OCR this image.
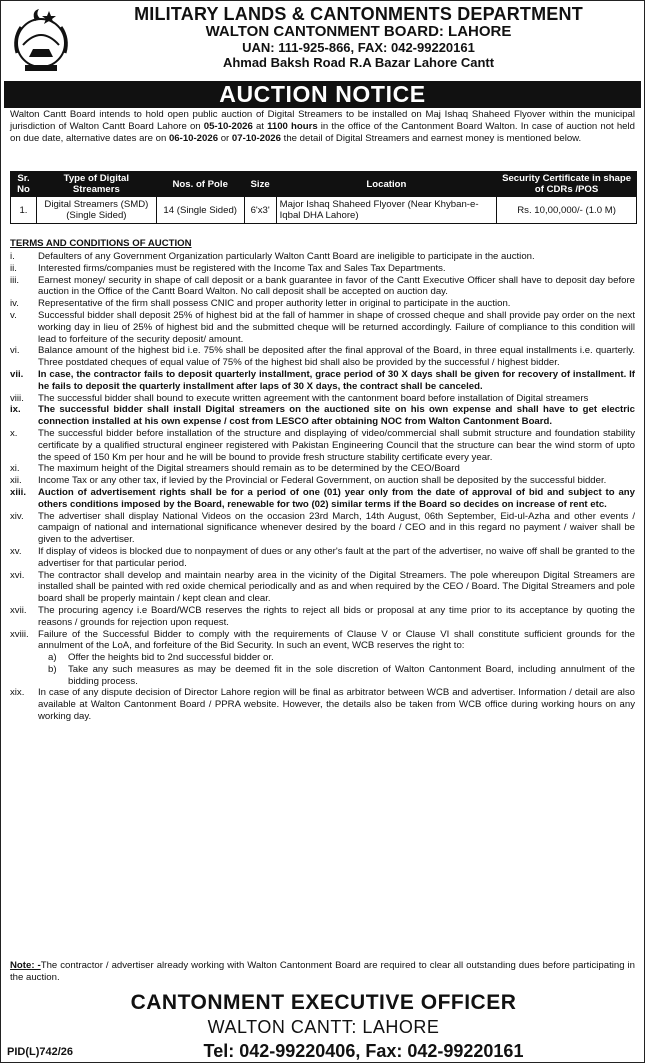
MILITARY LANDS & CANTONMENTS DEPARTMENT
WALTON CANTONMENT BOARD: LAHORE
UAN: 111-925-866, FAX: 042-99220161
Ahmad Baksh Road R.A Bazar Lahore Cantt
AUCTION NOTICE
Walton Cantt Board intends to hold open public auction of Digital Streamers to be installed on Maj Ishaq Shaheed Flyover within the municipal jurisdiction of Walton Cantt Board Lahore on 05-10-2026 at 1100 hours in the office of the Cantonment Board Walton. In case of auction not held on due date, alternative dates are on 06-10-2026 or 07-10-2026 the detail of Digital Streamers and earnest money is mentioned below.
Sr. No	Type of Digital Streamers	Nos. of Pole	Size	Location	Security Certificate in shape of CDRs /POS
1.	Digital Streamers (SMD) (Single Sided)	14 (Single Sided)	6'x3'	Major Ishaq Shaheed Flyover (Near Khyban-e-Iqbal DHA Lahore)	Rs. 10,00,000/- (1.0 M)
TERMS AND CONDITIONS OF AUCTION
i.	Defaulters of any Government Organization particularly Walton Cantt Board are ineligible to participate in the auction.
ii.	Interested firms/companies must be registered with the Income Tax and Sales Tax Departments.
iii.	Earnest money/ security in shape of call deposit or a bank guarantee in favor of the Cantt Executive Officer shall have to deposit day before auction in the Office of the Cantt Board Walton. No call deposit shall be accepted on auction day.
iv.	Representative of the firm shall possess CNIC and proper authority letter in original to participate in the auction.
v.	Successful bidder shall deposit 25% of highest bid at the fall of hammer in shape of crossed cheque and shall provide pay order on the next working day in lieu of 25% of highest bid and the submitted cheque will be returned accordingly. Failure of compliance to this condition will lead to forfeiture of the security deposit/ amount.
vi.	Balance amount of the highest bid i.e. 75% shall be deposited after the final approval of the Board, in three equal installments i.e. quarterly. Three postdated cheques of equal value of 75% of the highest bid shall also be provided by the successful / highest bidder.
vii.	In case, the contractor fails to deposit quarterly installment, grace period of 30 X days shall be given for recovery of installment. If he fails to deposit the quarterly installment after laps of 30 X days, the contract shall be canceled.
viii.	The successful bidder shall bound to execute written agreement with the cantonment board before installation of Digital streamers
ix.	The successful bidder shall install Digital streamers on the auctioned site on his own expense and shall have to get electric connection installed at his own expense / cost from LESCO after obtaining NOC from Walton Cantonment Board.
x.	The successful bidder before installation of the structure and displaying of video/commercial shall submit structure and foundation stability certificate by a qualified structural engineer registered with Pakistan Engineering Council that the structure can bear the wind storm of upto the speed of 150 Km per hour and he will be bound to provide fresh structure stability certificate every year.
xi.	The maximum height of the Digital streamers should remain as to be determined by the CEO/Board
xii.	Income Tax or any other tax, if levied by the Provincial or Federal Government, on auction shall be deposited by the successful bidder.
xiii.	Auction of advertisement rights shall be for a period of one (01) year only from the date of approval of bid and subject to any others conditions imposed by the Board, renewable for two (02) similar terms if the Board so decides on increase of rent etc.
xiv.	The advertiser shall display National Videos on the occasion 23rd March, 14th August, 06th September, Eid-ul-Azha and other events / campaign of national and international significance whenever desired by the board / CEO and in this regard no payment / waiver shall be given to the advertiser.
xv.	If display of videos is blocked due to nonpayment of dues or any other's fault at the part of the advertiser, no waive off shall be granted to the advertiser for that particular period.
xvi.	The contractor shall develop and maintain nearby area in the vicinity of the Digital Streamers. The pole whereupon Digital Streamers are installed shall be painted with red oxide chemical periodically and as and when required by the CEO / Board. The Digital Streamers and pole board shall be properly maintain / kept clean and clear.
xvii.	The procuring agency i.e Board/WCB reserves the rights to reject all bids or proposal at any time prior to its acceptance by quoting the reasons / grounds for rejection upon request.
xviii. Failure of the Successful Bidder to comply with the requirements of Clause V or Clause VI shall constitute sufficient grounds for the annulment of the LoA, and forfeiture of the Bid Security. In such an event, WCB reserves the right to:
a) Offer the heights bid to 2nd successful bidder or.
b) Take any such measures as may be deemed fit in the sole discretion of Walton Cantonment Board, including annulment of the bidding process.
xix.	In case of any dispute decision of Director Lahore region will be final as arbitrator between WCB and advertiser. Information / detail are also available at Walton Cantonment Board / PPRA website. However, the details also be taken from WCB office during working hours on any working day.
Note: -The contractor / advertiser already working with Walton Cantonment Board are required to clear all outstanding dues before participating in the auction.
CANTONMENT EXECUTIVE OFFICER
WALTON CANTT: LAHORE
PID(L)742/26	Tel: 042-99220406, Fax: 042-99220161
